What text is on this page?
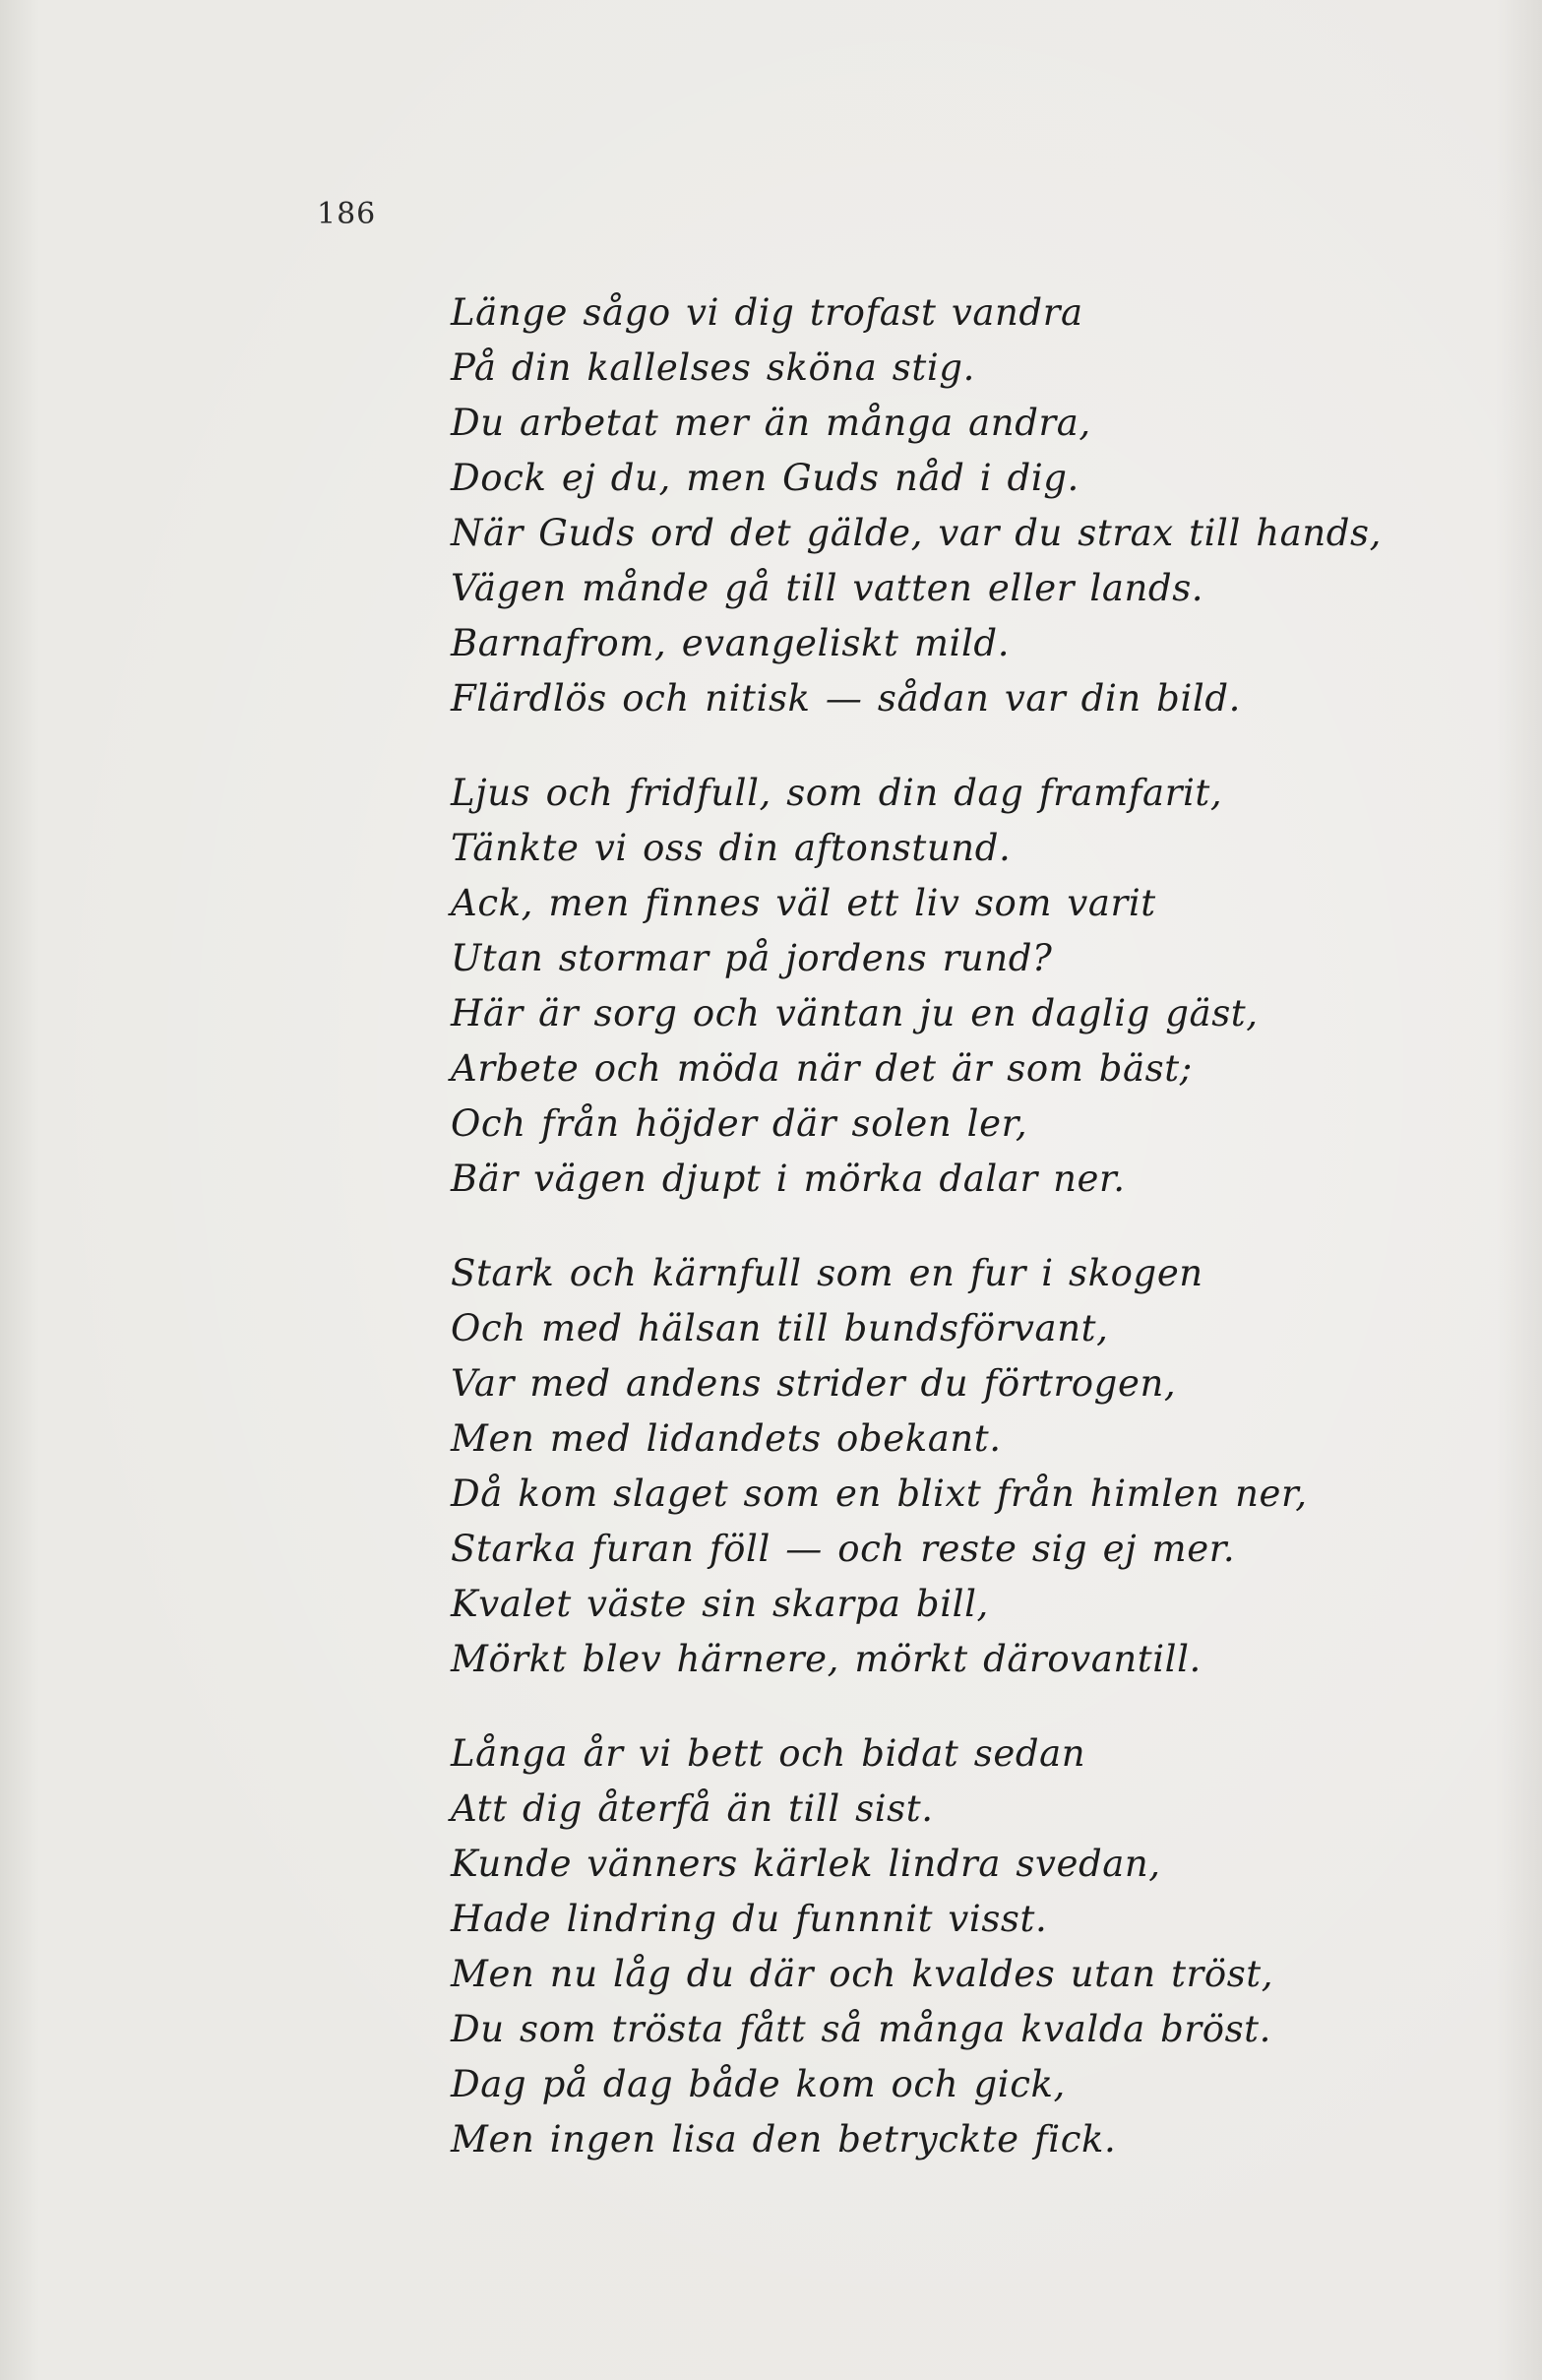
186
Länge sågo vi dig trofast vandra
På din kallelses sköna stig.
Du arbetat mer än många andra,
Dock ej du, men Guds nåd i dig.
När Guds ord det gälde, var du strax till hands,
Vägen månde gå till vatten eller lands.
Barnafrom, evangeliskt mild.
Flärdlös och nitisk — sådan var din bild.
Ljus och fridfull, som din dag framfarit,
Tänkte vi oss din aftonstund.
Ack, men finnes väl ett liv som varit
Utan stormar på jordens rund?
Här är sorg och väntan ju en daglig gäst,
Arbete och möda när det är som bäst;
Och från höjder där solen ler,
Bär vägen djupt i mörka dalar ner.
Stark och kärnfull som en fur i skogen
Och med hälsan till bundsförvant,
Var med andens strider du förtrogen,
Men med lidandets obekant.
Då kom slaget som en blixt från himlen ner,
Starka furan föll — och reste sig ej mer.
Kvalet väste sin skarpa bill,
Mörkt blev härnere, mörkt därovantill.
Långa år vi bett och bidat sedan
Att dig återfå än till sist.
Kunde vänners kärlek lindra svedan,
Hade lindring du funnnit visst.
Men nu låg du där och kvaldes utan tröst,
Du som trösta fått så många kvalda bröst.
Dag på dag både kom och gick,
Men ingen lisa den betryckte fick.
